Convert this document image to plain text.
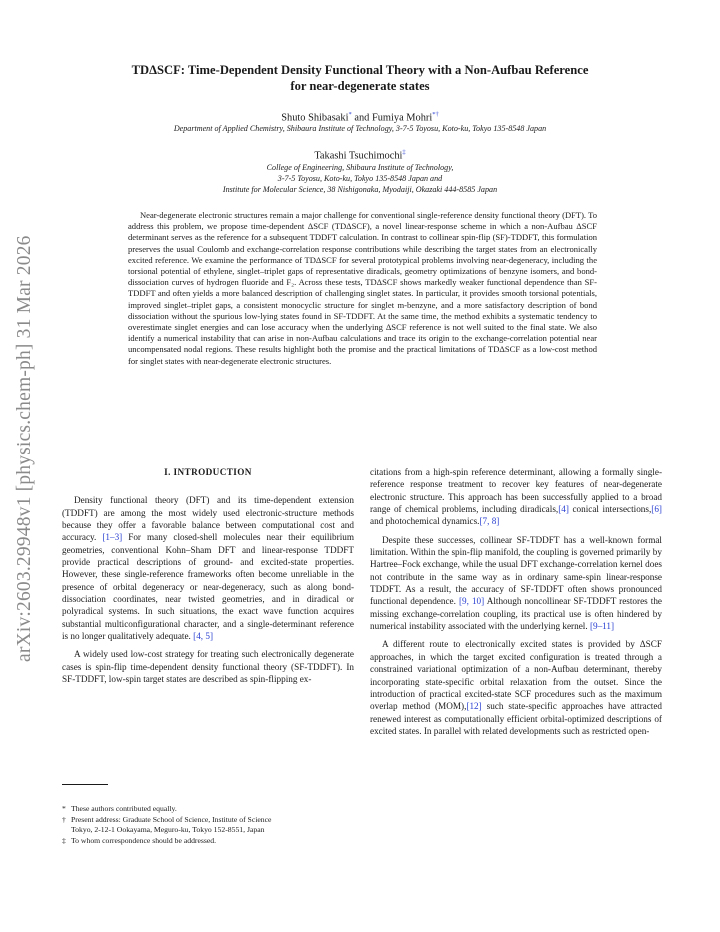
arXiv:2603.29948v1 [physics.chem-ph] 31 Mar 2026
TDΔSCF: Time-Dependent Density Functional Theory with a Non-Aufbau Reference
for near-degenerate states
Shuto Shibasaki* and Fumiya Mohri*†
Department of Applied Chemistry, Shibaura Institute of Technology, 3-7-5 Toyosu, Koto-ku, Tokyo 135-8548 Japan
Takashi Tsuchimochi‡
College of Engineering, Shibaura Institute of Technology,
3-7-5 Toyosu, Koto-ku, Tokyo 135-8548 Japan and
Institute for Molecular Science, 38 Nishigonaka, Myodaiji, Okazaki 444-8585 Japan
Near-degenerate electronic structures remain a major challenge for conventional single-reference density functional theory (DFT). To address this problem, we propose time-dependent ΔSCF (TDΔSCF), a novel linear-response scheme in which a non-Aufbau ΔSCF determinant serves as the reference for a subsequent TDDFT calculation. In contrast to collinear spin-flip (SF)-TDDFT, this formulation preserves the usual Coulomb and exchange-correlation response contributions while describing the target states from an electronically excited reference. We examine the performance of TDΔSCF for several prototypical problems involving near-degeneracy, including the torsional potential of ethylene, singlet–triplet gaps of representative diradicals, geometry optimizations of benzyne isomers, and bond-dissociation curves of hydrogen fluoride and F₂. Across these tests, TDΔSCF shows markedly weaker functional dependence than SF-TDDFT and often yields a more balanced description of challenging singlet states. In particular, it provides smooth torsional potentials, improved singlet–triplet gaps, a consistent monocyclic structure for singlet m-benzyne, and a more satisfactory description of bond dissociation without the spurious low-lying states found in SF-TDDFT. At the same time, the method exhibits a systematic tendency to overestimate singlet energies and can lose accuracy when the underlying ΔSCF reference is not well suited to the final state. We also identify a numerical instability that can arise in non-Aufbau calculations and trace its origin to the exchange-correlation potential near uncompensated nodal regions. These results highlight both the promise and the practical limitations of TDΔSCF as a low-cost method for singlet states with near-degenerate electronic structures.
I. INTRODUCTION

Density functional theory (DFT) and its time-dependent extension (TDDFT) are among the most widely used electronic-structure methods because they offer a favorable balance between computational cost and accuracy. [1–3] For many closed-shell molecules near their equilibrium geometries, conventional Kohn–Sham DFT and linear-response TDDFT provide practical descriptions of ground- and excited-state properties. However, these single-reference frameworks often become unreliable in the presence of orbital degeneracy or near-degeneracy, such as along bond-dissociation coordinates, near twisted geometries, and in diradical or polyradical systems. In such situations, the exact wave function acquires substantial multiconfigurational character, and a single-determinant reference is no longer qualitatively adequate. [4, 5]

A widely used low-cost strategy for treating such electronically degenerate cases is spin-flip time-dependent density functional theory (SF-TDDFT). In SF-TDDFT, low-spin target states are described as spin-flipping ex-

citations from a high-spin reference determinant, allowing a formally single-reference response treatment to recover key features of near-degenerate electronic structure. This approach has been successfully applied to a broad range of chemical problems, including diradicals,[4] conical intersections,[6] and photochemical dynamics.[7, 8]

Despite these successes, collinear SF-TDDFT has a well-known formal limitation. Within the spin-flip manifold, the coupling is governed primarily by Hartree–Fock exchange, while the usual DFT exchange-correlation kernel does not contribute in the same way as in ordinary same-spin linear-response TDDFT. As a result, the accuracy of SF-TDDFT often shows pronounced functional dependence. [9, 10] Although noncollinear SF-TDDFT restores the missing exchange-correlation coupling, its practical use is often hindered by numerical instability associated with the underlying kernel. [9–11]

A different route to electronically excited states is provided by ΔSCF approaches, in which the target excited configuration is treated through a constrained variational optimization of a non-Aufbau determinant, thereby incorporating state-specific orbital relaxation from the outset. Since the introduction of practical excited-state SCF procedures such as the maximum overlap method (MOM),[12] such state-specific approaches have attracted renewed interest as computationally efficient orbital-optimized descriptions of excited states. In parallel with related developments such as restricted open-

* These authors contributed equally.
† Present address: Graduate School of Science, Institute of Science
Tokyo, 2-12-1 Ookayama, Meguro-ku, Tokyo 152-8551, Japan
‡ To whom correspondence should be addressed.
